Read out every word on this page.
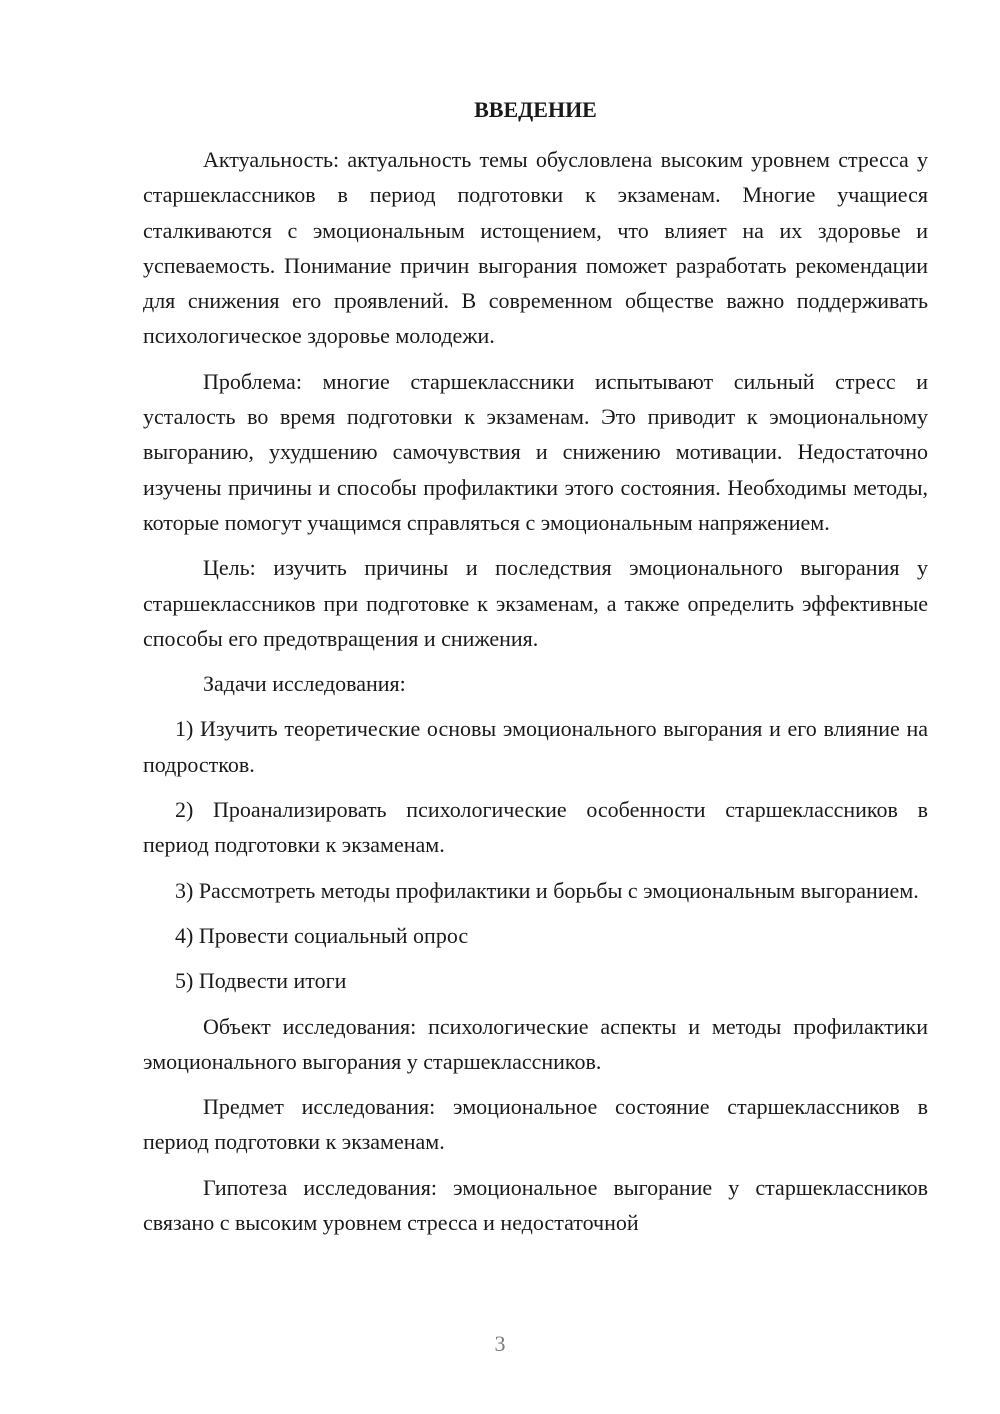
ВВЕДЕНИЕ

Актуальность: актуальность темы обусловлена высоким уровнем стресса у старшеклассников в период подготовки к экзаменам. Многие учащиеся сталкиваются с эмоциональным истощением, что влияет на их здоровье и успеваемость. Понимание причин выгорания поможет разработать рекомендации для снижения его проявлений. В современном обществе важно поддерживать психологическое здоровье молодежи.

Проблема: многие старшеклассники испытывают сильный стресс и усталость во время подготовки к экзаменам. Это приводит к эмоциональному выгоранию, ухудшению самочувствия и снижению мотивации. Недостаточно изучены причины и способы профилактики этого состояния. Необходимы методы, которые помогут учащимся справляться с эмоциональным напряжением.

Цель: изучить причины и последствия эмоционального выгорания у старшеклассников при подготовке к экзаменам, а также определить эффективные способы его предотвращения и снижения.

Задачи исследования:

1) Изучить теоретические основы эмоционального выгорания и его влияние на подростков.

2) Проанализировать психологические особенности старшеклассников в период подготовки к экзаменам.

3) Рассмотреть методы профилактики и борьбы с эмоциональным выгоранием.

4) Провести социальный опрос

5) Подвести итоги

Объект исследования: психологические аспекты и методы профилактики эмоционального выгорания у старшеклассников.

Предмет исследования: эмоциональное состояние старшеклассников в период подготовки к экзаменам.

Гипотеза исследования: эмоциональное выгорание у старшеклассников связано с высоким уровнем стресса и недостаточной

3
